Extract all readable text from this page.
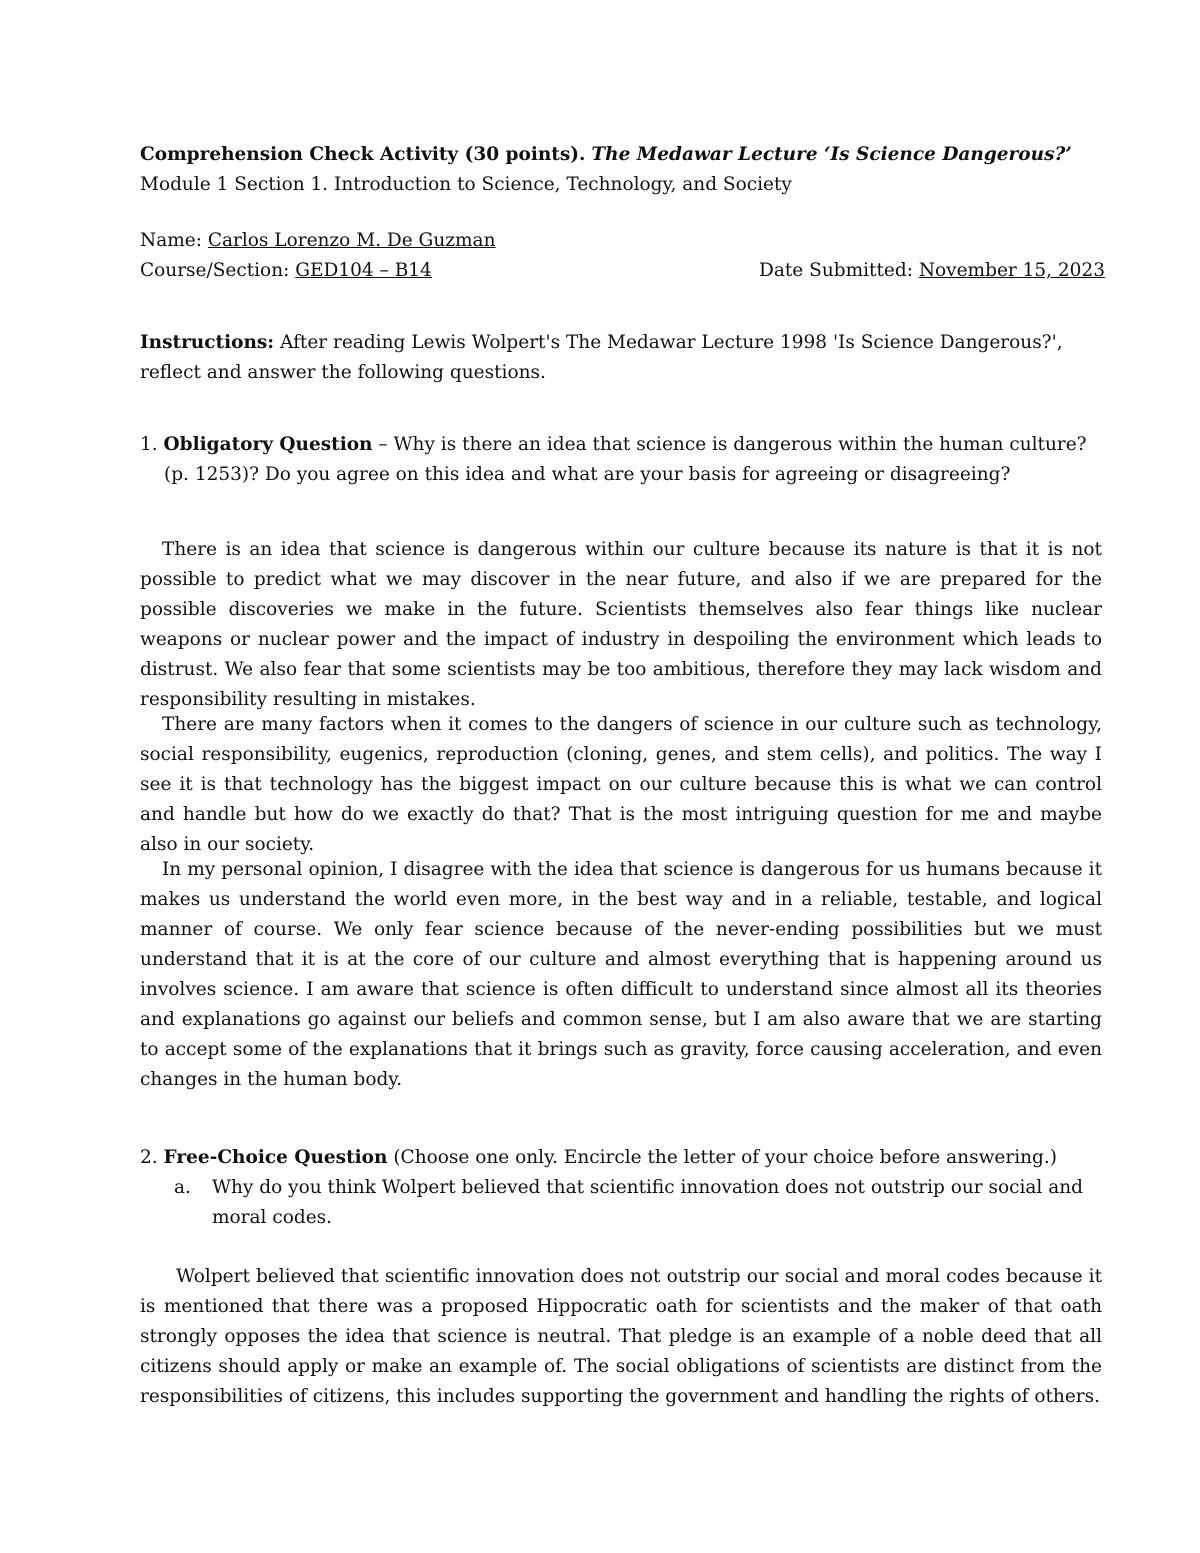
Comprehension Check Activity (30 points). The Medawar Lecture ‘Is Science Dangerous?’
Module 1 Section 1. Introduction to Science, Technology, and Society
Name: Carlos Lorenzo M. De Guzman
Course/Section: GED104 – B14	Date Submitted: November 15, 2023

Instructions: After reading Lewis Wolpert's The Medawar Lecture 1998 'Is Science Dangerous?', reflect and answer the following questions.

1. Obligatory Question – Why is there an idea that science is dangerous within the human culture? (p. 1253)? Do you agree on this idea and what are your basis for agreeing or disagreeing?

There is an idea that science is dangerous within our culture because its nature is that it is not possible to predict what we may discover in the near future, and also if we are prepared for the possible discoveries we make in the future. Scientists themselves also fear things like nuclear weapons or nuclear power and the impact of industry in despoiling the environment which leads to distrust. We also fear that some scientists may be too ambitious, therefore they may lack wisdom and responsibility resulting in mistakes.

There are many factors when it comes to the dangers of science in our culture such as technology, social responsibility, eugenics, reproduction (cloning, genes, and stem cells), and politics. The way I see it is that technology has the biggest impact on our culture because this is what we can control and handle but how do we exactly do that? That is the most intriguing question for me and maybe also in our society.

In my personal opinion, I disagree with the idea that science is dangerous for us humans because it makes us understand the world even more, in the best way and in a reliable, testable, and logical manner of course. We only fear science because of the never-ending possibilities but we must understand that it is at the core of our culture and almost everything that is happening around us involves science. I am aware that science is often difficult to understand since almost all its theories and explanations go against our beliefs and common sense, but I am also aware that we are starting to accept some of the explanations that it brings such as gravity, force causing acceleration, and even changes in the human body.

2. Free-Choice Question (Choose one only. Encircle the letter of your choice before answering.)

a.	Why do you think Wolpert believed that scientific innovation does not outstrip our social and moral codes.

Wolpert believed that scientific innovation does not outstrip our social and moral codes because it is mentioned that there was a proposed Hippocratic oath for scientists and the maker of that oath strongly opposes the idea that science is neutral. That pledge is an example of a noble deed that all citizens should apply or make an example of. The social obligations of scientists are distinct from the responsibilities of citizens, this includes supporting the government and handling the rights of others.
